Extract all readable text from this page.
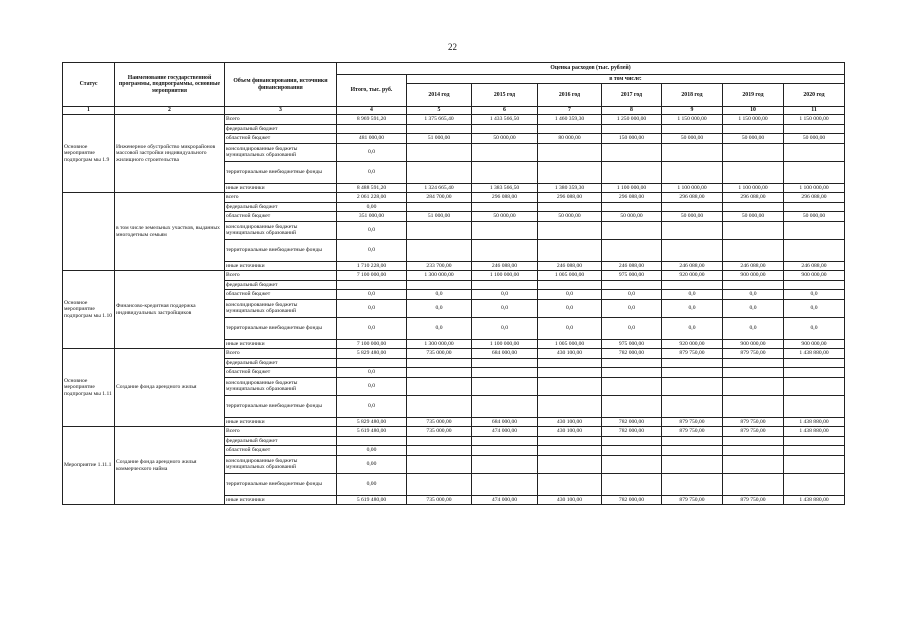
22
Статус	Наименование государственной программы, подпрограммы, основные мероприятия	Объем финансирования, источники финансирования	Оценка расходов (тыс. рублей)							
			Итого, тыс. руб.	в том числе:						
				2014 год	2015 год	2016 год	2017 год	2018 год	2019 год	2020 год
1	2	3	4	5	6	7	8	9	10	11
Основное мероприятие подпрограм мы 1.9	Инженерное обустройство микрорайонов массовой застройки индивидуального жилищного строительства	Всего	8 969 591,20	1 375 665,40	1 433 566,50	1 460 359,30	1 250 000,00	1 150 000,00	1 150 000,00	1 150 000,00
		федеральный бюджет								
		областной бюджет	481 000,00	51 000,00	50 000,00	80 000,00	150 000,00	50 000,00	50 000,00	50 000,00
		консолидированные бюджеты муниципальных образований	0,0							
		территориальные внебюджетные фонды	0,0							
		иные источники	8 488 591,20	1 324 665,40	1 383 566,50	1 380 359,30	1 100 000,00	1 100 000,00	1 100 000,00	1 100 000,00
	в том числе земельных участков, выданных многодетным семьям	всего	2 061 228,00	284 700,00	296 088,00	296 088,00	296 088,00	296 088,00	296 088,00	296 088,00
		федеральный бюджет	0,00							
		областной бюджет	351 000,00	51 000,00	50 000,00	50 000,00	50 000,00	50 000,00	50 000,00	50 000,00
		консолидированные бюджеты муниципальных образований	0,0							
		территориальные внебюджетные фонды	0,0							
		иные источники	1 710 228,00	233 700,00	246 088,00	246 088,00	246 088,00	246 088,00	246 088,00	246 088,00
Основное мероприятие подпрограм мы 1.10	Финансово-кредитная поддержка индивидуальных застройщиков	Всего	7 100 000,00	1 300 000,00	1 100 000,00	1 005 000,00	975 000,00	920 000,00	900 000,00	900 000,00
		федеральный бюджет								
		областной бюджет	0,0	0,0	0,0	0,0	0,0	0,0	0,0	0,0
		консолидированные бюджеты муниципальных образований	0,0	0,0	0,0	0,0	0,0	0,0	0,0	0,0
		территориальные внебюджетные фонды	0,0	0,0	0,0	0,0	0,0	0,0	0,0	0,0
		иные источники	7 100 000,00	1 300 000,00	1 100 000,00	1 005 000,00	975 000,00	920 000,00	900 000,00	900 000,00
Основное мероприятие подпрограм мы 1.11	Создание фонда арендного жилья	Всего	5 829 480,00	735 000,00	684 000,00	430 100,00	782 000,00	879 750,00	879 750,00	1 438 880,00
		федеральный бюджет								
		областной бюджет	0,0							
		консолидированные бюджеты муниципальных образований	0,0							
		территориальные внебюджетные фонды	0,0							
		иные источники	5 829 480,00	735 000,00	684 000,00	430 100,00	782 000,00	879 750,00	879 750,00	1 438 880,00
Мероприятие 1.11.1	Создание фонда арендного жилья коммерческого найма	Всего	5 619 480,00	735 000,00	474 000,00	430 100,00	782 000,00	879 750,00	879 750,00	1 438 880,00
		федеральный бюджет								
		областной бюджет	0,00							
		консолидированные бюджеты муниципальных образований	0,00							
		территориальные внебюджетные фонды	0,00							
		иные источники	5 619 480,00	735 000,00	474 000,00	430 100,00	782 000,00	879 750,00	879 750,00	1 438 880,00
